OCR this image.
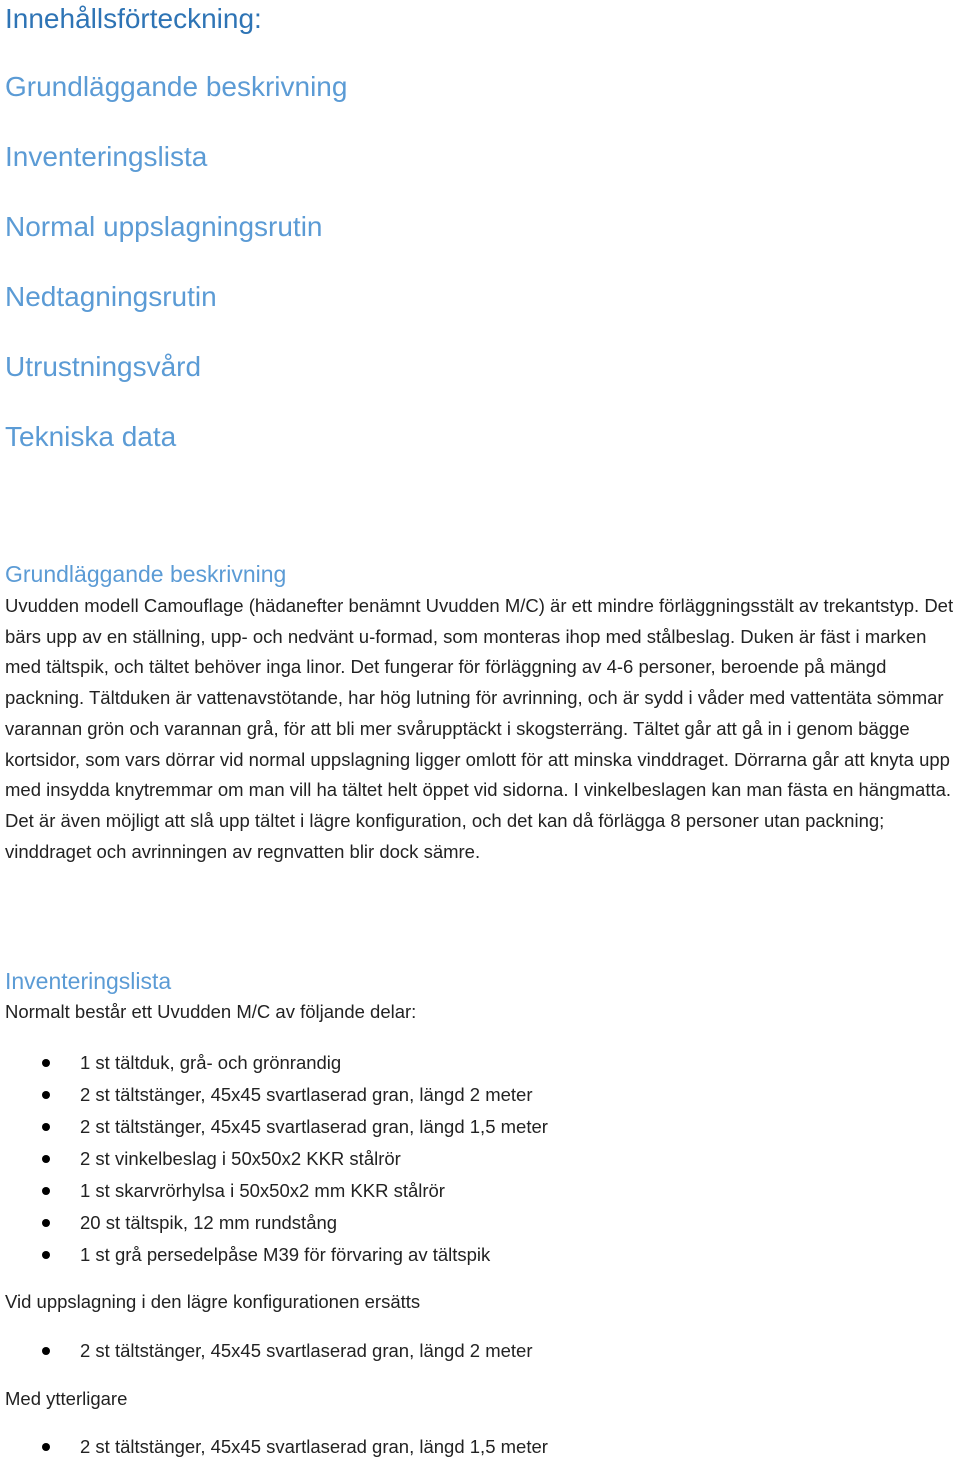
Innehållsförteckning:
Grundläggande beskrivning
Inventeringslista
Normal uppslagningsrutin
Nedtagningsrutin
Utrustningsvård
Tekniska data
Grundläggande beskrivning

Uvudden modell Camouflage (hädanefter benämnt Uvudden M/C) är ett mindre förläggningsstält av trekantstyp. Det bärs upp av en ställning, upp- och nedvänt u-formad, som monteras ihop med stålbeslag. Duken är fäst i marken med tältspik, och tältet behöver inga linor. Det fungerar för förläggning av 4-6 personer, beroende på mängd packning. Tältduken är vattenavstötande, har hög lutning för avrinning, och är sydd i våder med vattentäta sömmar varannan grön och varannan grå, för att bli mer svårupptäckt i skogsterräng. Tältet går att gå in i genom bägge kortsidor, som vars dörrar vid normal uppslagning ligger omlott för att minska vinddraget. Dörrarna går att knyta upp med insydda knytremmar om man vill ha tältet helt öppet vid sidorna. I vinkelbeslagen kan man fästa en hängmatta. Det är även möjligt att slå upp tältet i lägre konfiguration, och det kan då förlägga 8 personer utan packning; vinddraget och avrinningen av regnvatten blir dock sämre.

Inventeringslista
Normalt består ett Uvudden M/C av följande delar:
1 st tältduk, grå- och grönrandig
2 st tältstänger, 45x45 svartlaserad gran, längd 2 meter
2 st tältstänger, 45x45 svartlaserad gran, längd 1,5 meter
2 st vinkelbeslag i 50x50x2 KKR stålrör
1 st skarvrörhylsa i 50x50x2 mm KKR stålrör
20 st tältspik, 12 mm rundstång
1 st grå persedelpåse M39 för förvaring av tältspik
Vid uppslagning i den lägre konfigurationen ersätts
2 st tältstänger, 45x45 svartlaserad gran, längd 2 meter
Med ytterligare
2 st tältstänger, 45x45 svartlaserad gran, längd 1,5 meter
